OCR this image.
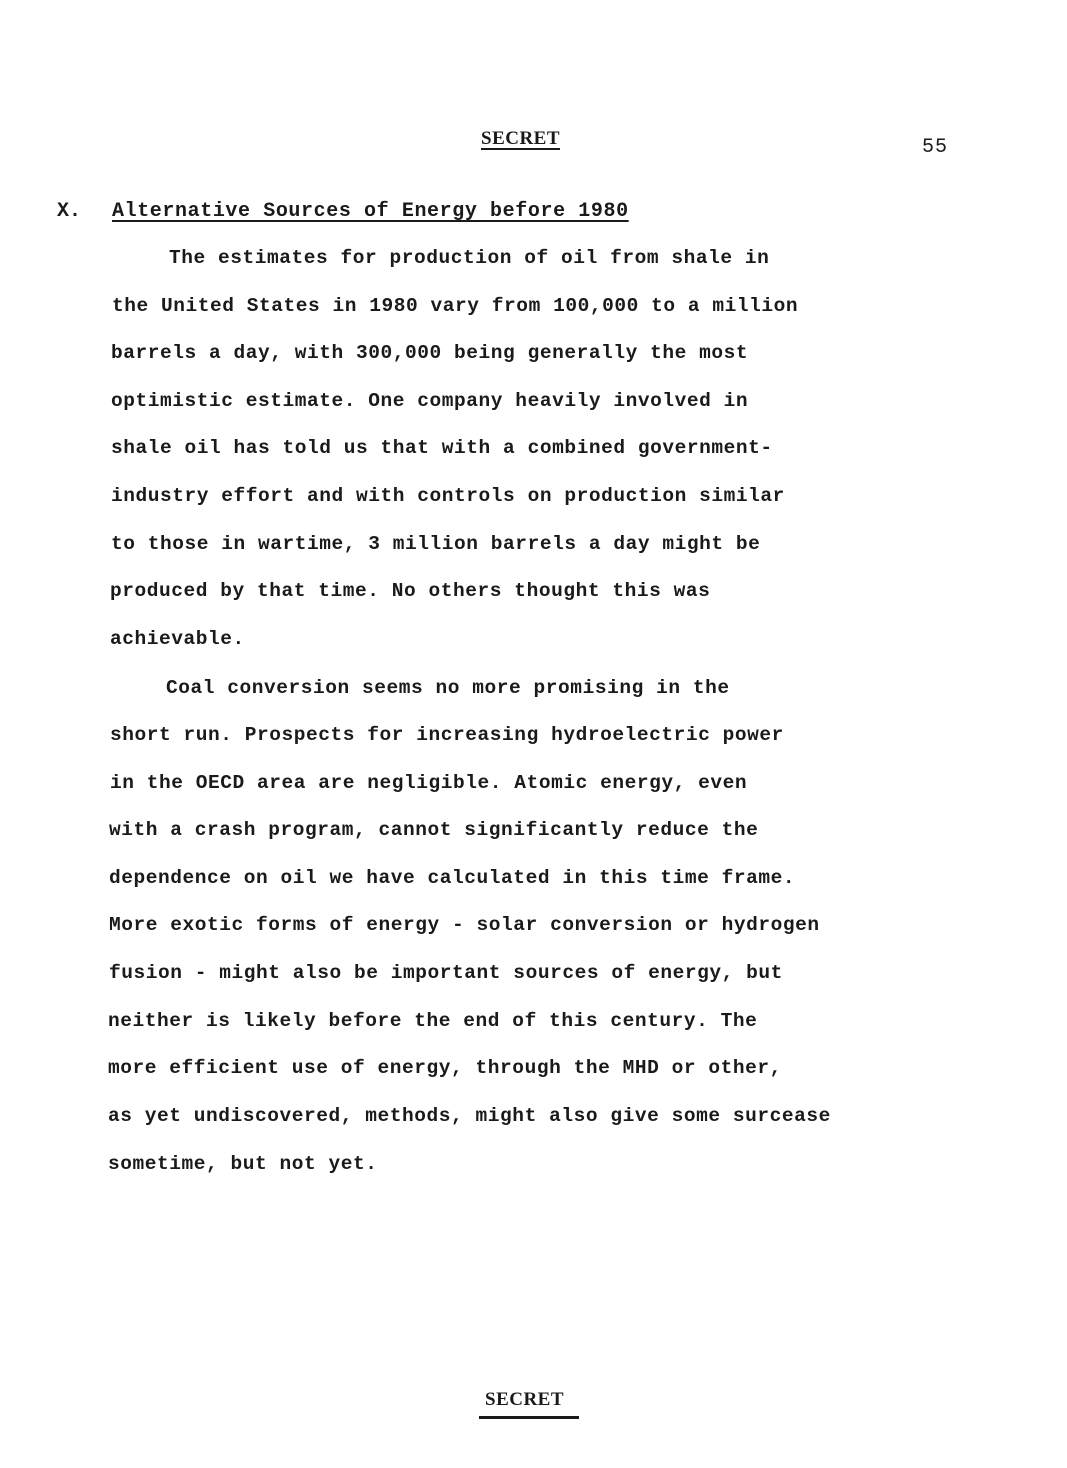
SECRET	55
X. Alternative Sources of Energy before 1980
The estimates for production of oil from shale in
the United States in 1980 vary from 100,000 to a million
barrels a day, with 300,000 being generally the most
optimistic estimate. One company heavily involved in
shale oil has told us that with a combined government-
industry effort and with controls on production similar
to those in wartime, 3 million barrels a day might be
produced by that time. No others thought this was
achievable.
Coal conversion seems no more promising in the
short run. Prospects for increasing hydroelectric power
in the OECD area are negligible. Atomic energy, even
with a crash program, cannot significantly reduce the
dependence on oil we have calculated in this time frame.
More exotic forms of energy - solar conversion or hydrogen
fusion - might also be important sources of energy, but
neither is likely before the end of this century. The
more efficient use of energy, through the MHD or other,
as yet undiscovered, methods, might also give some surcease
sometime, but not yet.
SECRET
